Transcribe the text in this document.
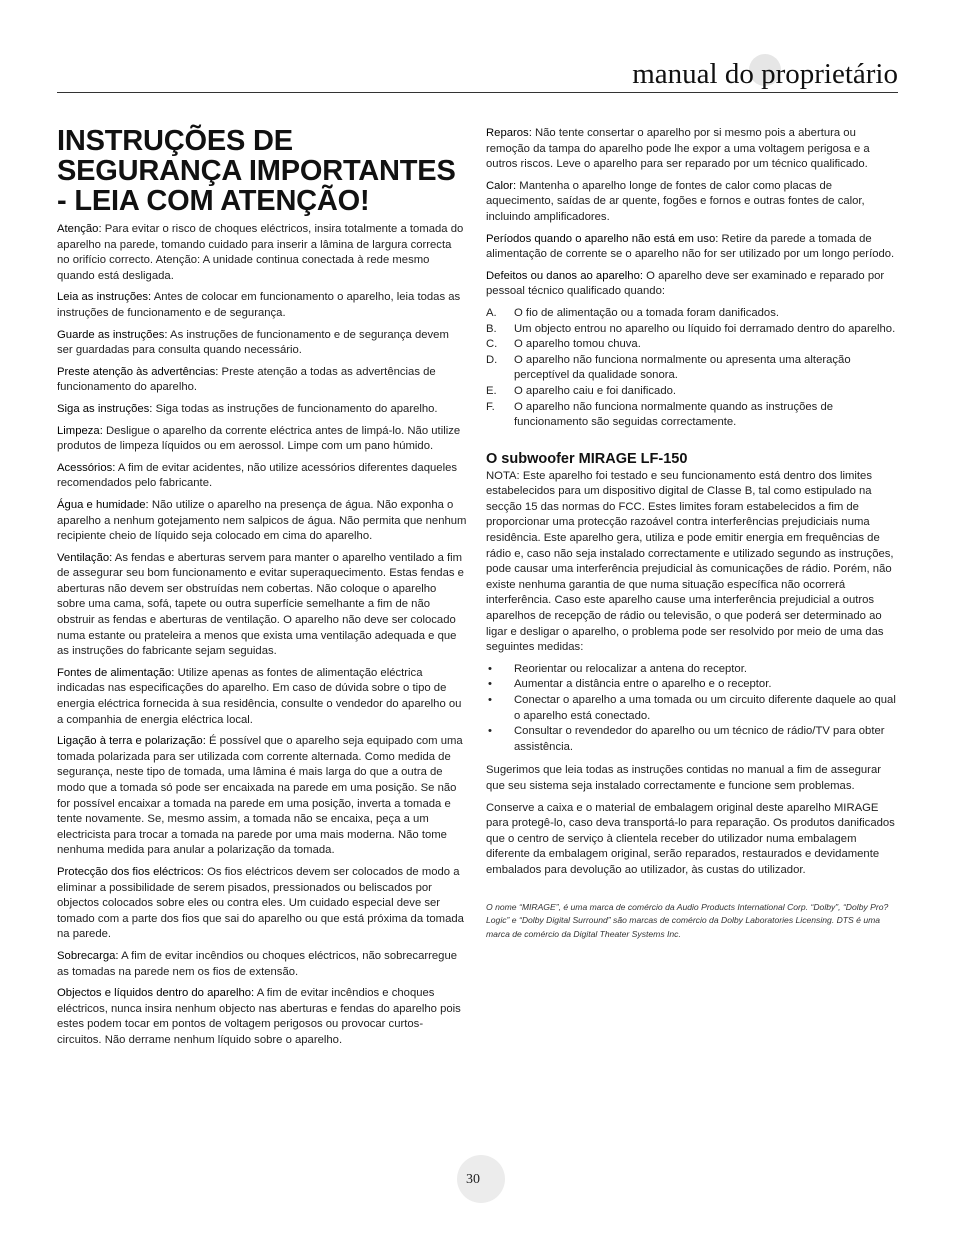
manual do proprietário
INSTRUÇÕES DE SEGURANÇA IMPORTANTES - LEIA COM ATENÇÃO!

Atenção: Para evitar o risco de choques eléctricos, insira totalmente a tomada do aparelho na parede, tomando cuidado para inserir a lâmina de largura correcta no orifício correcto. Atenção: A unidade continua conectada à rede mesmo quando está desligada.

Leia as instruções: Antes de colocar em funcionamento o aparelho, leia todas as instruções de funcionamento e de segurança.

Guarde as instruções: As instruções de funcionamento e de segurança devem ser guardadas para consulta quando necessário.

Preste atenção às advertências: Preste atenção a todas as advertências de funcionamento do aparelho.

Siga as instruções: Siga todas as instruções de funcionamento do aparelho.

Limpeza: Desligue o aparelho da corrente eléctrica antes de limpá-lo. Não utilize produtos de limpeza líquidos ou em aerossol. Limpe com um pano húmido.

Acessórios: A fim de evitar acidentes, não utilize acessórios diferentes daqueles recomendados pelo fabricante.

Água e humidade: Não utilize o aparelho na presença de água. Não exponha o aparelho a nenhum gotejamento nem salpicos de água. Não permita que nenhum recipiente cheio de líquido seja colocado em cima do aparelho.

Ventilação: As fendas e aberturas servem para manter o aparelho ventilado a fim de assegurar seu bom funcionamento e evitar superaquecimento. Estas fendas e aberturas não devem ser obstruídas nem cobertas. Não coloque o aparelho sobre uma cama, sofá, tapete ou outra superfície semelhante a fim de não obstruir as fendas e aberturas de ventilação. O aparelho não deve ser colocado numa estante ou prateleira a menos que exista uma ventilação adequada e que as instruções do fabricante sejam seguidas.

Fontes de alimentação: Utilize apenas as fontes de alimentação eléctrica indicadas nas especificações do aparelho. Em caso de dúvida sobre o tipo de energia eléctrica fornecida à sua residência, consulte o vendedor do aparelho ou a companhia de energia eléctrica local.

Ligação à terra e polarização: É possível que o aparelho seja equipado com uma tomada polarizada para ser utilizada com corrente alternada. Como medida de segurança, neste tipo de tomada, uma lâmina é mais larga do que a outra de modo que a tomada só pode ser encaixada na parede em uma posição. Se não for possível encaixar a tomada na parede em uma posição, inverta a tomada e tente novamente. Se, mesmo assim, a tomada não se encaixa, peça a um electricista para trocar a tomada na parede por uma mais moderna. Não tome nenhuma medida para anular a polarização da tomada.

Protecção dos fios eléctricos: Os fios eléctricos devem ser colocados de modo a eliminar a possibilidade de serem pisados, pressionados ou beliscados por objectos colocados sobre eles ou contra eles. Um cuidado especial deve ser tomado com a parte dos fios que sai do aparelho ou que está próxima da tomada na parede.

Sobrecarga: A fim de evitar incêndios ou choques eléctricos, não sobrecarregue as tomadas na parede nem os fios de extensão.

Objectos e líquidos dentro do aparelho: A fim de evitar incêndios e choques eléctricos, nunca insira nenhum objecto nas aberturas e fendas do aparelho pois estes podem tocar em pontos de voltagem perigosos ou provocar curtos-circuitos. Não derrame nenhum líquido sobre o aparelho.

Reparos: Não tente consertar o aparelho por si mesmo pois a abertura ou remoção da tampa do aparelho pode lhe expor a uma voltagem perigosa e a outros riscos. Leve o aparelho para ser reparado por um técnico qualificado.

Calor: Mantenha o aparelho longe de fontes de calor como placas de aquecimento, saídas de ar quente, fogões e fornos e outras fontes de calor, incluindo amplificadores.

Períodos quando o aparelho não está em uso: Retire da parede a tomada de alimentação de corrente se o aparelho não for ser utilizado por um longo período.

Defeitos ou danos ao aparelho: O aparelho deve ser examinado e reparado por pessoal técnico qualificado quando:

A. O fio de alimentação ou a tomada foram danificados.
B. Um objecto entrou no aparelho ou líquido foi derramado dentro do aparelho.
C. O aparelho tomou chuva.
D. O aparelho não funciona normalmente ou apresenta uma alteração perceptível da qualidade sonora.
E. O aparelho caiu e foi danificado.
F. O aparelho não funciona normalmente quando as instruções de funcionamento são seguidas correctamente.
O subwoofer MIRAGE LF-150

NOTA: Este aparelho foi testado e seu funcionamento está dentro dos limites estabelecidos para um dispositivo digital de Classe B, tal como estipulado na secção 15 das normas do FCC. Estes limites foram estabelecidos a fim de proporcionar uma protecção razoável contra interferências prejudiciais numa residência. Este aparelho gera, utiliza e pode emitir energia em frequências de rádio e, caso não seja instalado correctamente e utilizado segundo as instruções, pode causar uma interferência prejudicial às comunicações de rádio. Porém, não existe nenhuma garantia de que numa situação específica não ocorrerá interferência. Caso este aparelho cause uma interferência prejudicial a outros aparelhos de recepção de rádio ou televisão, o que poderá ser determinado ao ligar e desligar o aparelho, o problema pode ser resolvido por meio de uma das seguintes medidas:

• Reorientar ou relocalizar a antena do receptor.
• Aumentar a distância entre o aparelho e o receptor.
• Conectar o aparelho a uma tomada ou um circuito diferente daquele ao qual o aparelho está conectado.
• Consultar o revendedor do aparelho ou um técnico de rádio/TV para obter assistência.

Sugerimos que leia todas as instruções contidas no manual a fim de assegurar que seu sistema seja instalado correctamente e funcione sem problemas.

Conserve a caixa e o material de embalagem original deste aparelho MIRAGE para protegê-lo, caso deva transportá-lo para reparação. Os produtos danificados que o centro de serviço à clientela receber do utilizador numa embalagem diferente da embalagem original, serão reparados, restaurados e devidamente embalados para devolução ao utilizador, às custas do utilizador.

O nome “MIRAGE”, é uma marca de comércio da Audio Products International Corp. “Dolby”, “Dolby Pro?Logic” e “Dolby Digital Surround” são marcas de comércio da Dolby Laboratories Licensing. DTS é uma marca de comércio da Digital Theater Systems Inc.
30
